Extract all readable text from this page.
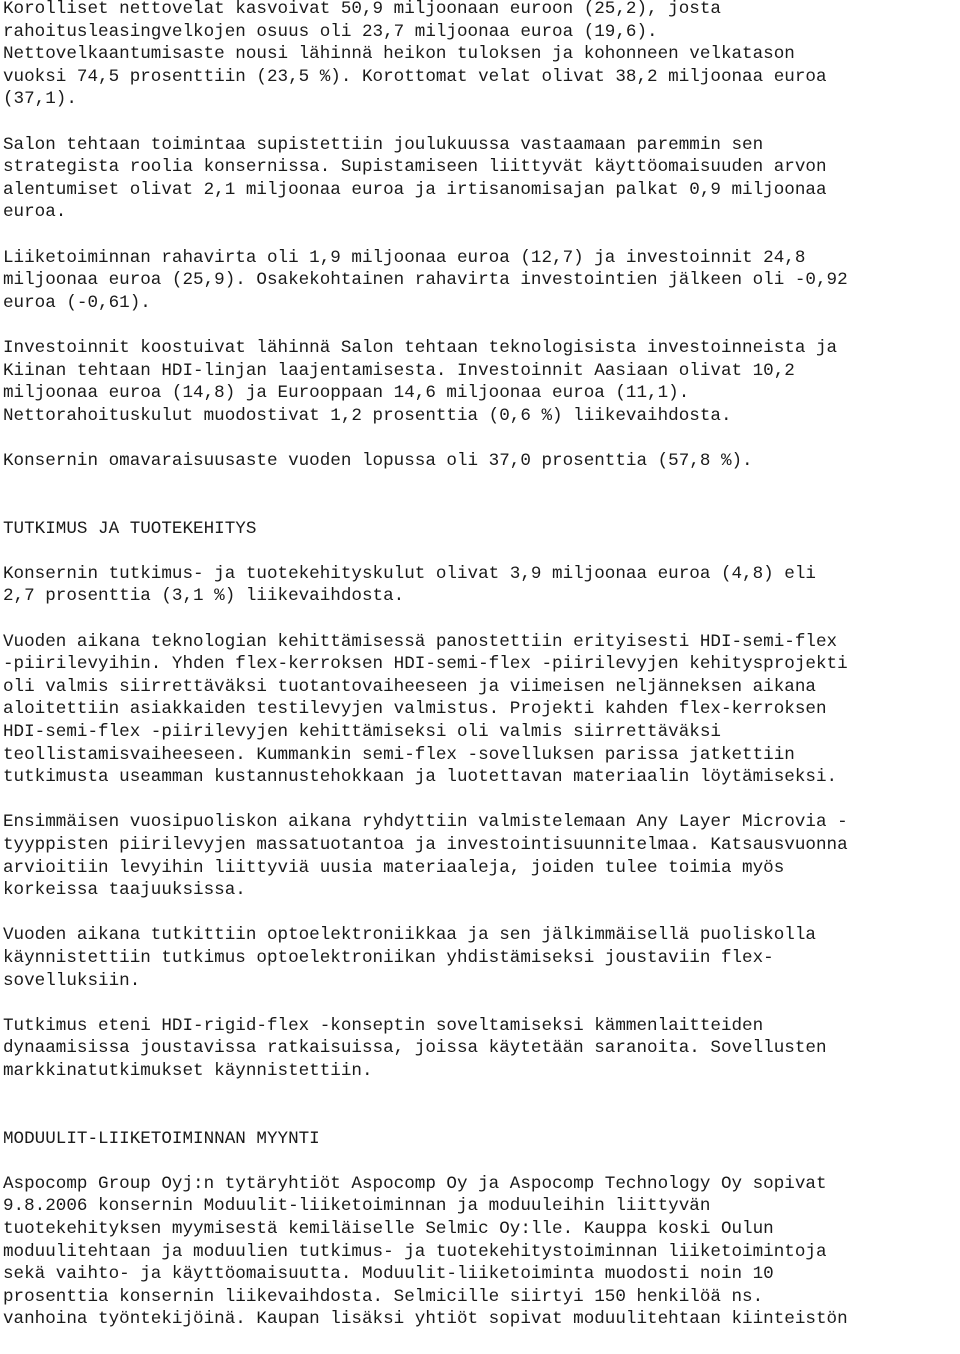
Korolliset nettovelat kasvoivat 50,9 miljoonaan euroon (25,2), josta
rahoitusleasingvelkojen osuus oli 23,7 miljoonaa euroa (19,6).
Nettovelkaantumisaste nousi lähinnä heikon tuloksen ja kohonneen velkatason
vuoksi 74,5 prosenttiin (23,5 %). Korottomat velat olivat 38,2 miljoonaa euroa
(37,1).
Salon tehtaan toimintaa supistettiin joulukuussa vastaamaan paremmin sen
strategista roolia konsernissa. Supistamiseen liittyvät käyttöomaisuuden arvon
alentumiset olivat 2,1 miljoonaa euroa ja irtisanomisajan palkat 0,9 miljoonaa
euroa.
Liiketoiminnan rahavirta oli 1,9 miljoonaa euroa (12,7) ja investoinnit 24,8
miljoonaa euroa (25,9). Osakekohtainen rahavirta investointien jälkeen oli -0,92
euroa (-0,61).
Investoinnit koostuivat lähinnä Salon tehtaan teknologisista investoinneista ja
Kiinan tehtaan HDI-linjan laajentamisesta. Investoinnit Aasiaan olivat 10,2
miljoonaa euroa (14,8) ja Eurooppaan 14,6 miljoonaa euroa (11,1).
Nettorahoituskulut muodostivat 1,2 prosenttia (0,6 %) liikevaihdosta.
Konsernin omavaraisuusaste vuoden lopussa oli 37,0 prosenttia (57,8 %).
TUTKIMUS JA TUOTEKEHITYS
Konsernin tutkimus- ja tuotekehityskulut olivat 3,9 miljoonaa euroa (4,8) eli
2,7 prosenttia (3,1 %) liikevaihdosta.
Vuoden aikana teknologian kehittämisessä panostettiin erityisesti HDI-semi-flex
-piirilevyihin. Yhden flex-kerroksen HDI-semi-flex -piirilevyjen kehitysprojekti
oli valmis siirrettäväksi tuotantovaiheeseen ja viimeisen neljänneksen aikana
aloitettiin asiakkaiden testilevyjen valmistus. Projekti kahden flex-kerroksen
HDI-semi-flex -piirilevyjen kehittämiseksi oli valmis siirrettäväksi
teollistamisvaiheeseen. Kummankin semi-flex -sovelluksen parissa jatkettiin
tutkimusta useamman kustannustehokkaan ja luotettavan materiaalin löytämiseksi.
Ensimmäisen vuosipuoliskon aikana ryhdyttiin valmistelemaan Any Layer Microvia -
tyyppisten piirilevyjen massatuotantoa ja investointisuunnitelmaa. Katsausvuonna
arvioitiin levyihin liittyviä uusia materiaaleja, joiden tulee toimia myös
korkeissa taajuuksissa.
Vuoden aikana tutkittiin optoelektroniikkaa ja sen jälkimmäisellä puoliskolla
käynnistettiin tutkimus optoelektroniikan yhdistämiseksi joustaviin flex-
sovelluksiin.
Tutkimus eteni HDI-rigid-flex -konseptin soveltamiseksi kämmenlaitteiden
dynaamisissa joustavissa ratkaisuissa, joissa käytetään saranoita. Sovellusten
markkinatutkimukset käynnistettiin.
MODUULIT-LIIKETOIMINNAN MYYNTI
Aspocomp Group Oyj:n tytäryhtiöt Aspocomp Oy ja Aspocomp Technology Oy sopivat
9.8.2006 konsernin Moduulit-liiketoiminnan ja moduuleihin liittyvän
tuotekehityksen myymisestä kemiläiselle Selmic Oy:lle. Kauppa koski Oulun
moduulitehtaan ja moduulien tutkimus- ja tuotekehitystoiminnan liiketoimintoja
sekä vaihto- ja käyttöomaisuutta. Moduulit-liiketoiminta muodosti noin 10
prosenttia konsernin liikevaihdosta. Selmicille siirtyi 150 henkilöä ns.
vanhoina työntekijöinä. Kaupan lisäksi yhtiöt sopivat moduulitehtaan kiinteistön
